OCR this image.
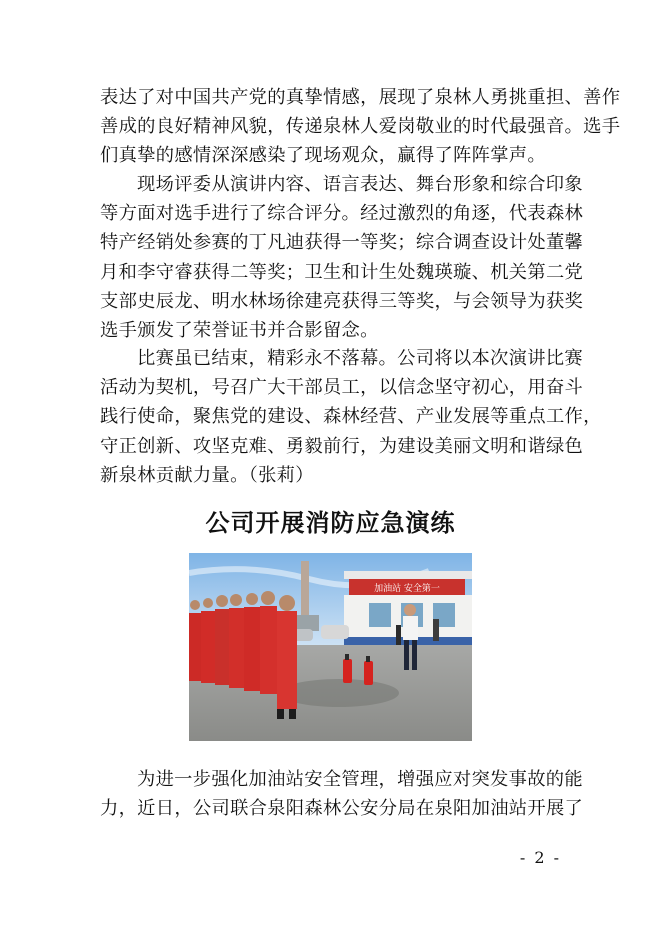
表达了对中国共产党的真挚情感，展现了泉林人勇挑重担、善作
善成的良好精神风貌，传递泉林人爱岗敬业的时代最强音。选手
们真挚的感情深深感染了现场观众，赢得了阵阵掌声。
现场评委从演讲内容、语言表达、舞台形象和综合印象
等方面对选手进行了综合评分。经过激烈的角逐，代表森林
特产经销处参赛的丁凡迪获得一等奖；综合调查设计处董馨
月和李守睿获得二等奖；卫生和计生处魏瑛璇、机关第二党
支部史辰龙、明水林场徐建亮获得三等奖，与会领导为获奖
选手颁发了荣誉证书并合影留念。
比赛虽已结束，精彩永不落幕。公司将以本次演讲比赛
活动为契机，号召广大干部员工，以信念坚守初心，用奋斗
践行使命，聚焦党的建设、森林经营、产业发展等重点工作，
守正创新、攻坚克难、勇毅前行，为建设美丽文明和谐绿色
新泉林贡献力量。（张莉）
公司开展消防应急演练
加油站 安全第一
为进一步强化加油站安全管理，增强应对突发事故的能
力，近日，公司联合泉阳森林公安分局在泉阳加油站开展了
- 2 -
